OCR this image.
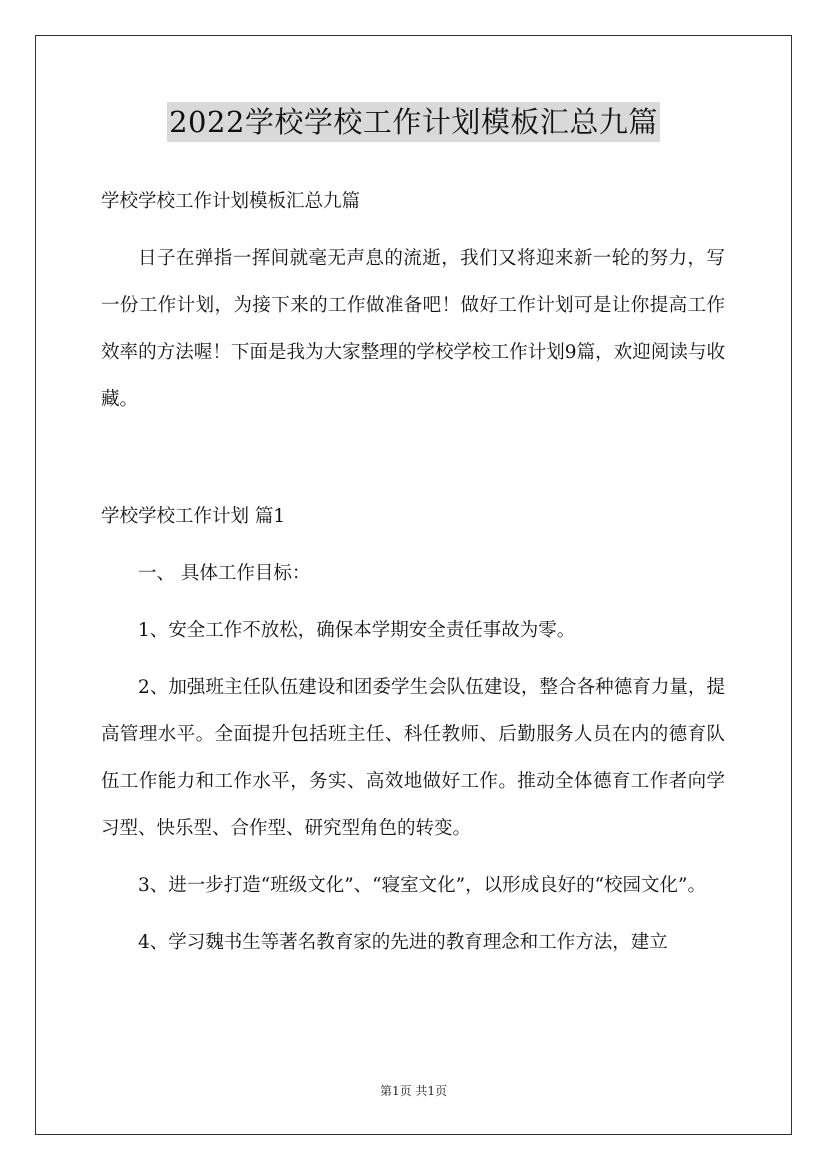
2022学校学校工作计划模板汇总九篇

学校学校工作计划模板汇总九篇

日子在弹指一挥间就毫无声息的流逝，我们又将迎来新一轮的努力，写一份工作计划，为接下来的工作做准备吧！做好工作计划可是让你提高工作效率的方法喔！下面是我为大家整理的学校学校工作计划9篇，欢迎阅读与收藏。

学校学校工作计划 篇1

一、 具体工作目标：

1、安全工作不放松，确保本学期安全责任事故为零。

2、加强班主任队伍建设和团委学生会队伍建设，整合各种德育力量，提高管理水平。全面提升包括班主任、科任教师、后勤服务人员在内的德育队伍工作能力和工作水平，务实、高效地做好工作。推动全体德育工作者向学习型、快乐型、合作型、研究型角色的转变。

3、进一步打造“班级文化”、“寝室文化”，以形成良好的“校园文化”。

4、学习魏书生等著名教育家的先进的教育理念和工作方法，建立

第1页 共1页
